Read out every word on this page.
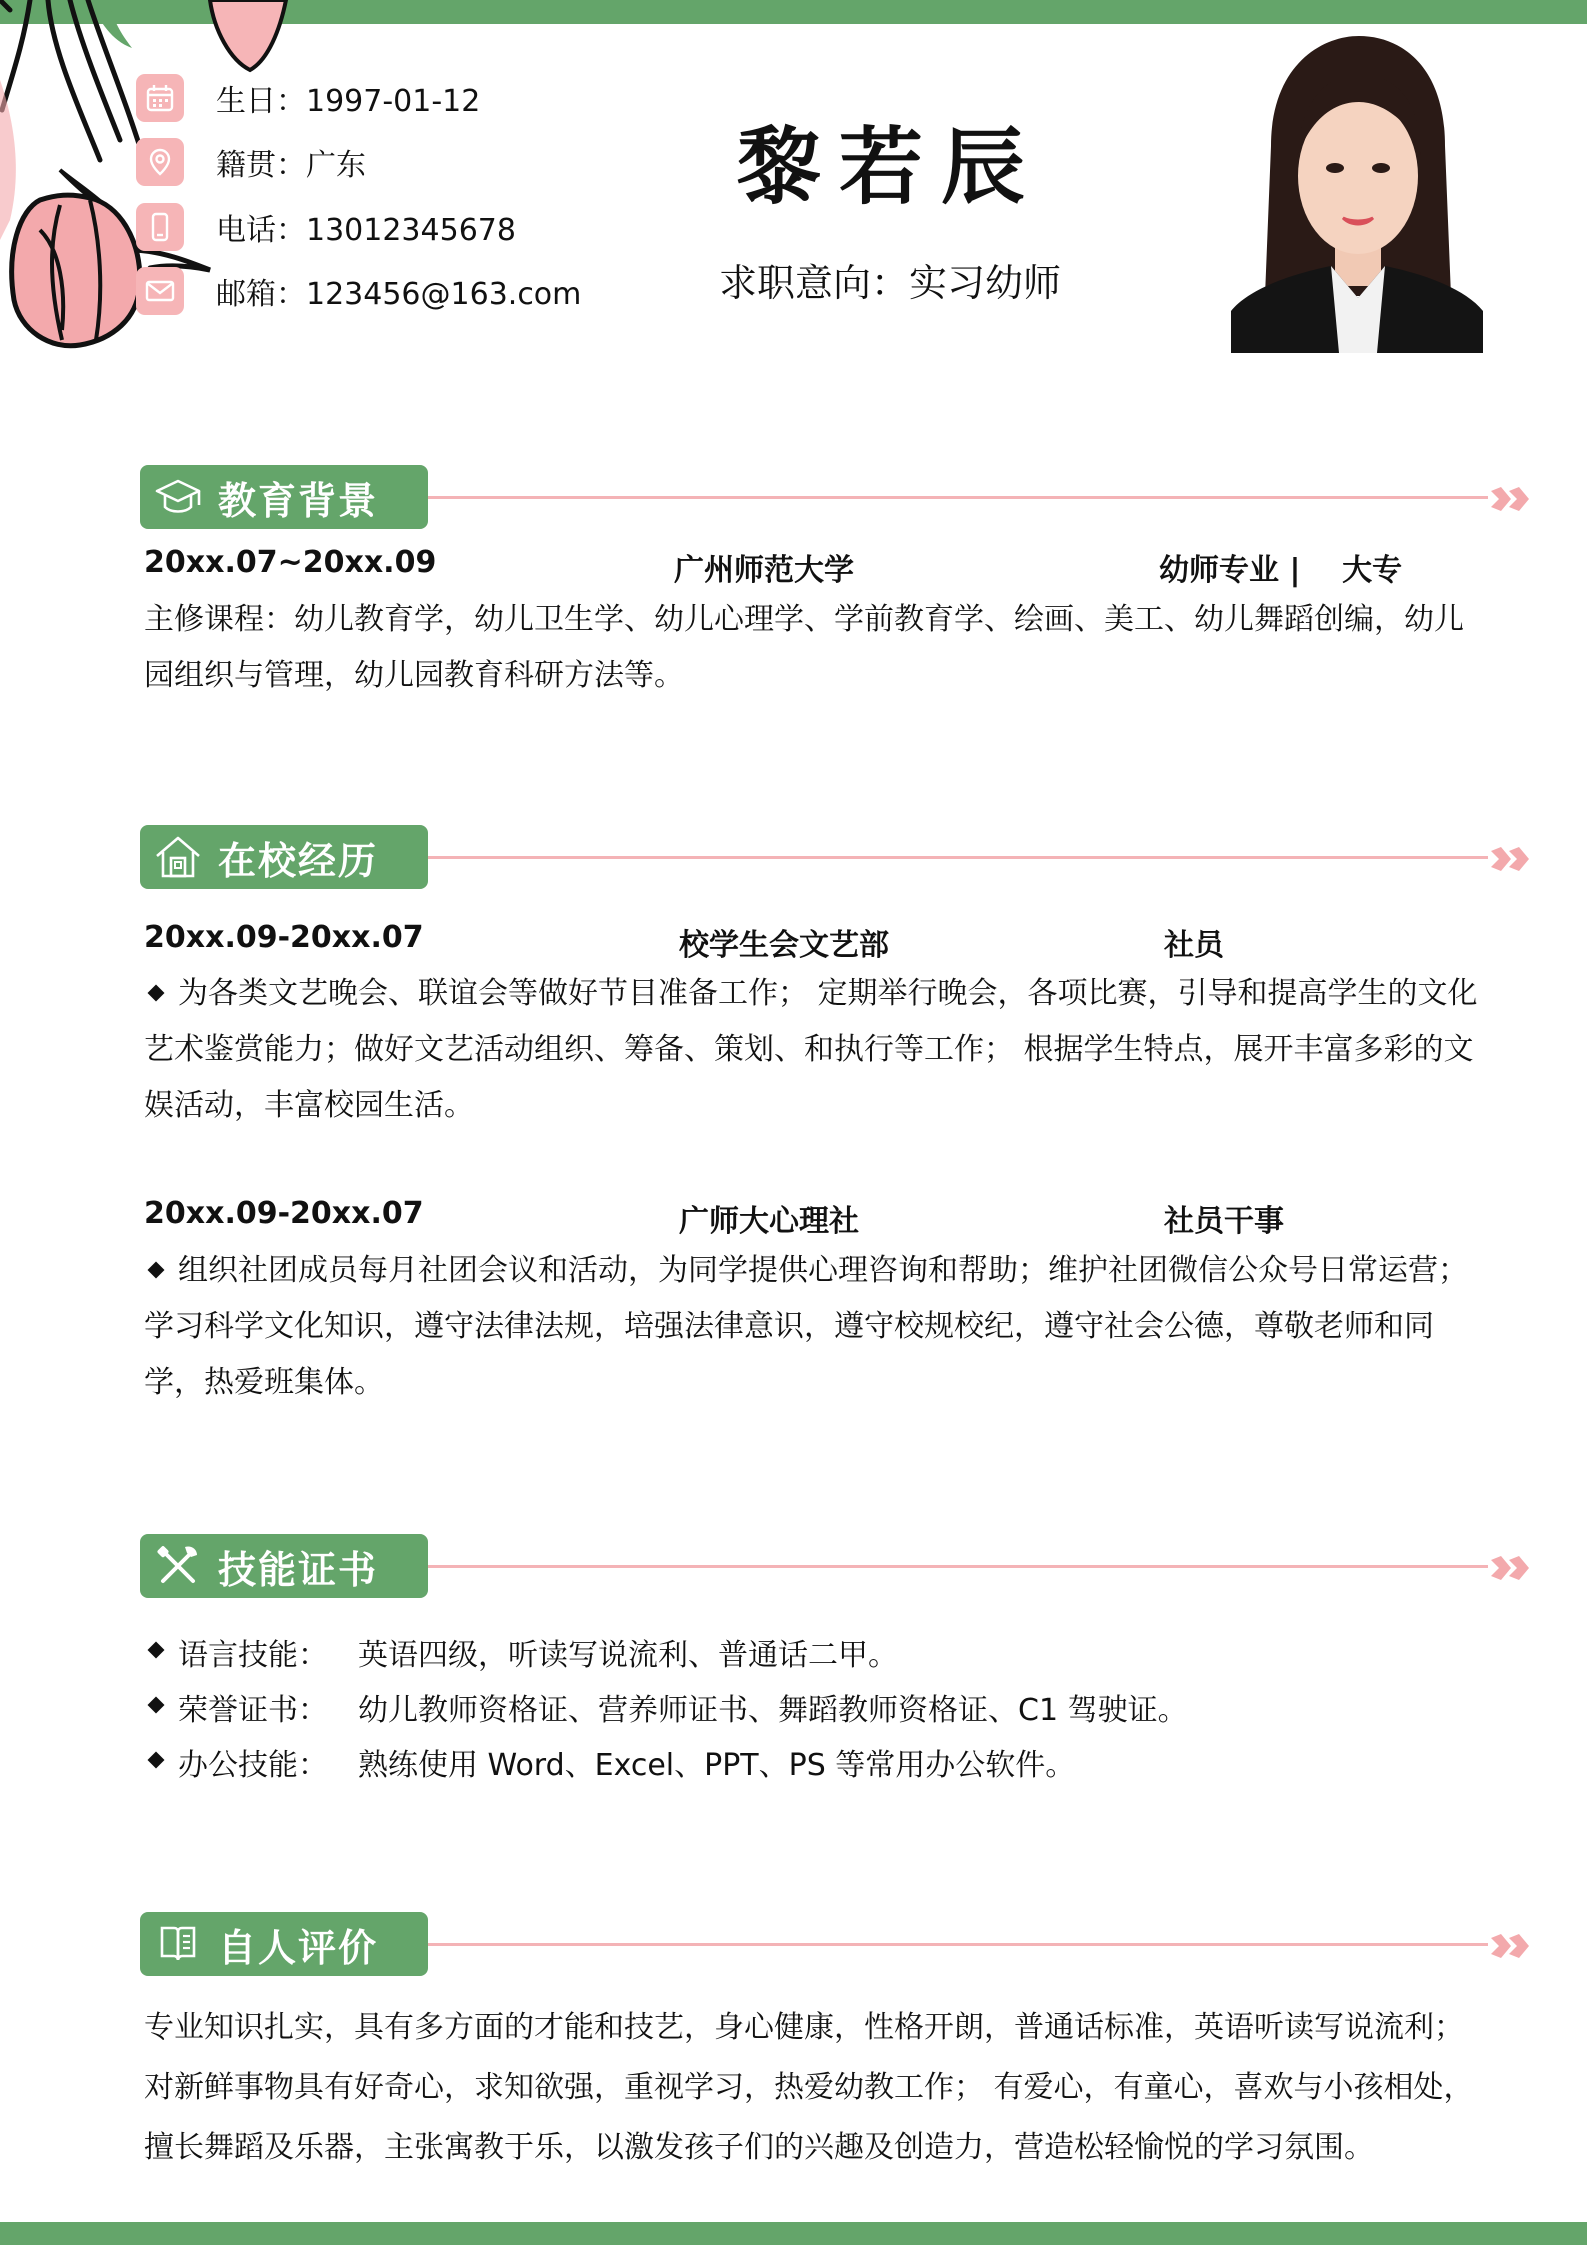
生日：1997-01-12
籍贯：广东
电话：13012345678
邮箱：123456@163.com
黎若辰
求职意向：实习幼师
教育背景
20xx.07~20xx.09	广州师范大学	幼师专业 |    大专
主修课程：幼儿教育学，幼儿卫生学、幼儿心理学、学前教育学、绘画、美工、幼儿舞蹈创编，幼儿园组织与管理，幼儿园教育科研方法等。
在校经历
20xx.09-20xx.07	校学生会文艺部	社员
为各类文艺晚会、联谊会等做好节目准备工作； 定期举行晚会，各项比赛，引导和提高学生的文化艺术鉴赏能力；做好文艺活动组织、筹备、策划、和执行等工作； 根据学生特点，展开丰富多彩的文娱活动，丰富校园生活。
20xx.09-20xx.07	广师大心理社	社员干事
组织社团成员每月社团会议和活动，为同学提供心理咨询和帮助；维护社团微信公众号日常运营；学习科学文化知识，遵守法律法规，培强法律意识，遵守校规校纪，遵守社会公德，尊敬老师和同学，热爱班集体。
技能证书
语言技能： 英语四级，听读写说流利、普通话二甲。
荣誉证书： 幼儿教师资格证、营养师证书、舞蹈教师资格证、C1 驾驶证。
办公技能： 熟练使用 Word、Excel、PPT、PS 等常用办公软件。
自人评价
专业知识扎实，具有多方面的才能和技艺，身心健康，性格开朗，普通话标准，英语听读写说流利；对新鲜事物具有好奇心，求知欲强，重视学习，热爱幼教工作； 有爱心，有童心，喜欢与小孩相处，擅长舞蹈及乐器，主张寓教于乐，以激发孩子们的兴趣及创造力，营造松轻愉悦的学习氛围。
